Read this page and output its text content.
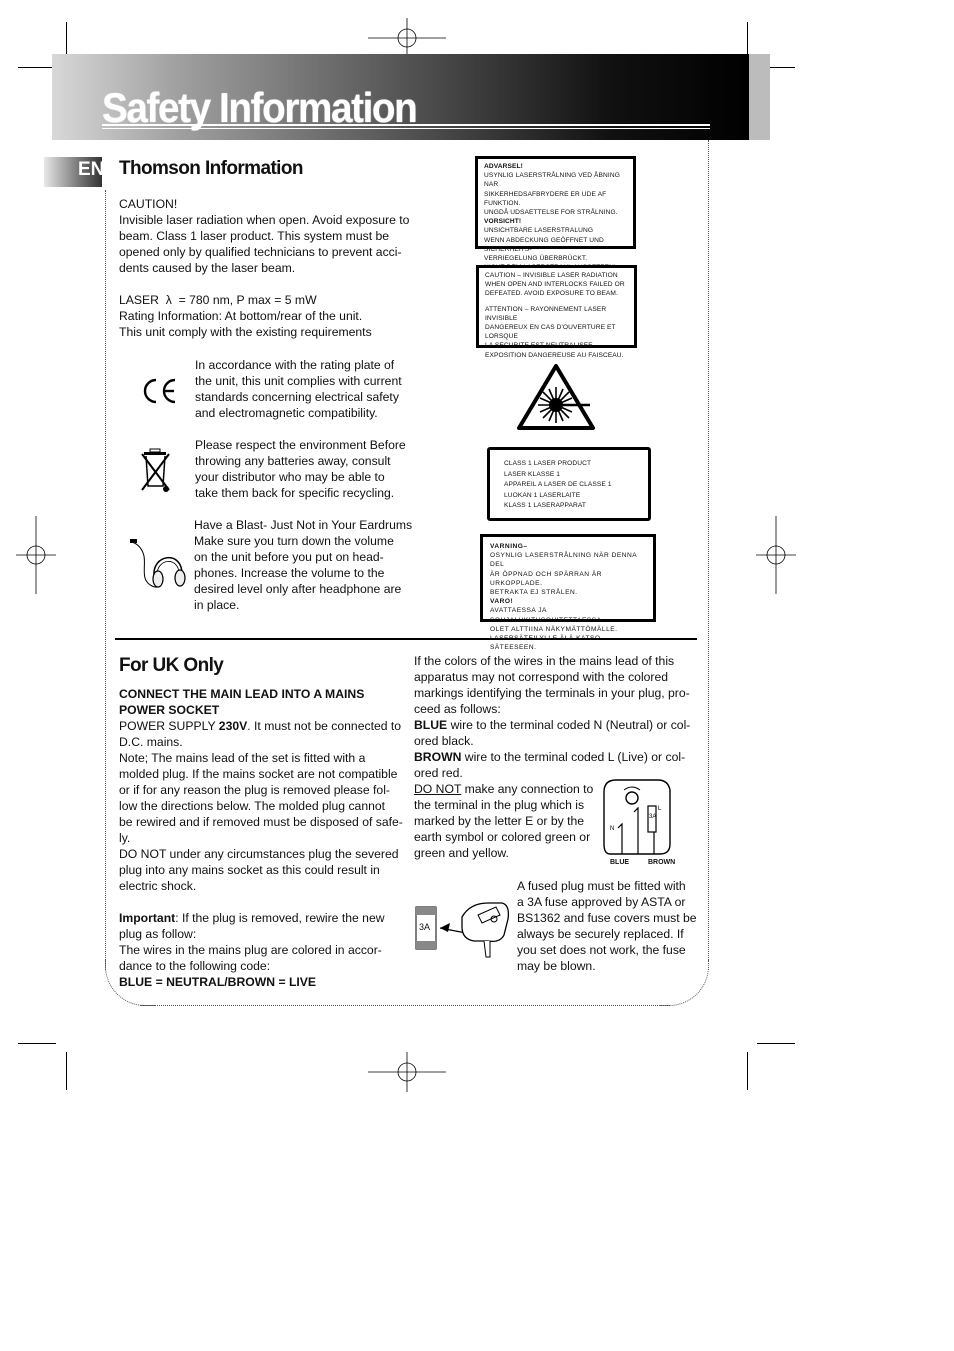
Safety Information
EN Thomson Information

CAUTION!

Invisible laser radiation when open. Avoid exposure to

beam. Class 1 laser product. This system must be

opened only by qualified technicians to prevent acci-

dents caused by the laser beam.

LASER λ = 780 nm, P max = 5 mW

Rating Information: At bottom/rear of the unit.

This unit comply with the existing requirements

In accordance with the rating plate of

the unit, this unit complies with current

standards concerning electrical safety

and electromagnetic compatibility.

Please respect the environment Before

throwing any batteries away, consult

your distributor who may be able to

take them back for specific recycling.

Have a Blast- Just Not in Your Eardrums

Make sure you turn down the volume

on the unit before you put on head-

phones. Increase the volume to the

desired level only after headphone are

in place.

ADVARSEL!
USYNLIG LASERSTRÅLNING VED ÅBNING NAR
SIKKERHEDSAFBRYDERE ER UDE AF FUNKTION.
UNGDÅ UDSAETTELSE FOR STRÅLNING.
VORSICHT!
UNSICHTBARE LASERSTRALUNG
WENN ABDECKUNG GEÖFFNET UND SICHERHEITS-
VERRIEGELUNG ÜBERBRÜCKT.
CAUTION – INVISIBLE LASER RADIATION
WHEN OPEN AND INTERLOCKS FAILED OR
DEFEATED. AVOID EXPOSURE TO BEAM.
ATTENTION – RAYONNEMENT LASER INVISIBLE
DANGEREUX EN CAS D'OUVERTURE ET LORSQUE
LA SECURITE EST NEUTRALISEE.
EXPOSITION DANGEREUSE AU FAISCEAU.
CLASS 1 LASER PRODUCT
LASER KLASSE 1
APPAREIL A LASER DE CLASSE 1
LUOKAN 1 LASERLAITE
KLASS 1 LASERAPPARAT
VARNING–
OSYNLIG LASERSTRÅLNING NÄR DENNA DEL
ÄR ÖPPNAD OCH SPÄRRAN ÄR URKOPPLADE.
BETRAKTA EJ STRÅLEN.
VARO!
AVATTAESSA JA SOUJALUKITUSOHITETTAESSA
OLET ALTTIINA NÄKYMÄTTÖMÄLLE.
SÄTEESEEN.
For UK Only

CONNECT THE MAIN LEAD INTO A MAINS

POWER SOCKET

POWER SUPPLY 230V. It must not be connected to

D.C. mains.

Note; The mains lead of the set is fitted with a

molded plug. If the mains socket are not compatible

or if for any reason the plug is removed please fol-

low the directions below. The molded plug cannot

be rewired and if removed must be disposed of safe-

ly.

DO NOT under any circumstances plug the severed

plug into any mains socket as this could result in

electric shock.

Important: If the plug is removed, rewire the new

plug as follow:

The wires in the mains plug are colored in accor-

dance to the following code:

BLUE = NEUTRAL/BROWN = LIVE

If the colors of the wires in the mains lead of this

apparatus may not correspond with the colored

markings identifying the terminals in your plug, pro-

ceed as follows:

BLUE wire to the terminal coded N (Neutral) or col-

ored black.

BROWN wire to the terminal coded L (Live) or col-

ored red.

DO NOT make any connection to

the terminal in the plug which is

marked by the letter E or by the

earth symbol or colored green or

green and yellow.

3A
L
N
BLUE	BROWN
3A

A fused plug must be fitted with

a 3A fuse approved by ASTA or

BS1362 and fuse covers must be

always be securely replaced. If

you set does not work, the fuse

may be blown.
